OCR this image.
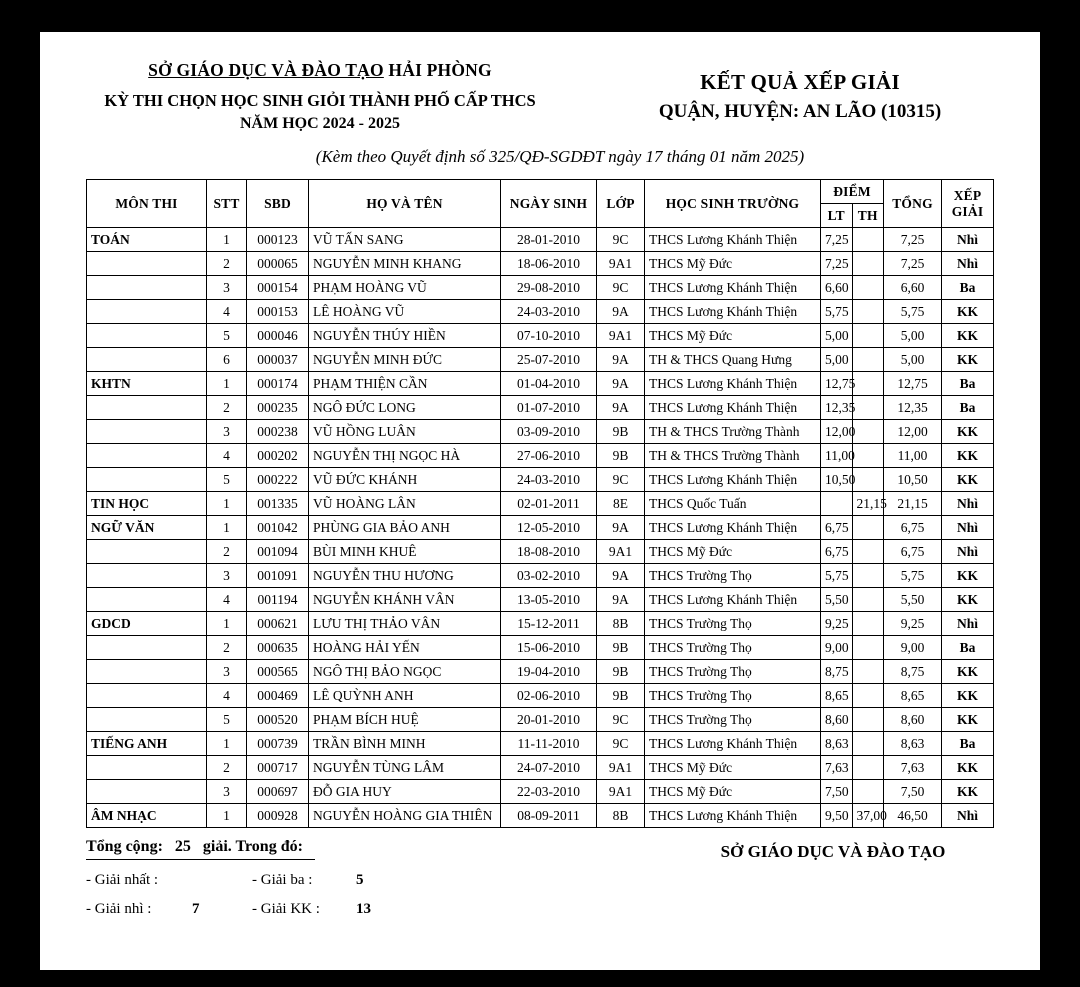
SỞ GIÁO DỤC VÀ ĐÀO TẠO HẢI PHÒNG
KỲ THI CHỌN HỌC SINH GIỎI THÀNH PHỐ CẤP THCS
NĂM HỌC 2024 - 2025
KẾT QUẢ XẾP GIẢI
QUẬN, HUYỆN: AN LÃO (10315)
(Kèm theo Quyết định số 325/QĐ-SGDĐT ngày 17 tháng 01 năm 2025)
MÔN THI	STT	SBD	HỌ VÀ TÊN	NGÀY SINH	LỚP	HỌC SINH TRƯỜNG	ĐIỂM		TỔNG	XẾP
GIẢI
							LT	TH		
TOÁN	1	000123	VŨ TẤN SANG	28-01-2010	9C	THCS Lương Khánh Thiện	7,25		7,25	Nhì
	2	000065	NGUYỄN MINH KHANG	18-06-2010	9A1	THCS Mỹ Đức	7,25		7,25	Nhì
	3	000154	PHẠM HOÀNG VŨ	29-08-2010	9C	THCS Lương Khánh Thiện	6,60		6,60	Ba
	4	000153	LÊ HOÀNG VŨ	24-03-2010	9A	THCS Lương Khánh Thiện	5,75		5,75	KK
	5	000046	NGUYỄN THÚY HIỀN	07-10-2010	9A1	THCS Mỹ Đức	5,00		5,00	KK
	6	000037	NGUYỄN MINH ĐỨC	25-07-2010	9A	TH & THCS Quang Hưng	5,00		5,00	KK
KHTN	1	000174	PHẠM THIỆN CẦN	01-04-2010	9A	THCS Lương Khánh Thiện	12,75		12,75	Ba
	2	000235	NGÔ ĐỨC LONG	01-07-2010	9A	THCS Lương Khánh Thiện	12,35		12,35	Ba
	3	000238	VŨ HỒNG LUÂN	03-09-2010	9B	TH & THCS Trường Thành	12,00		12,00	KK
	4	000202	NGUYỄN THỊ NGỌC HÀ	27-06-2010	9B	TH & THCS Trường Thành	11,00		11,00	KK
	5	000222	VŨ ĐỨC KHÁNH	24-03-2010	9C	THCS Lương Khánh Thiện	10,50		10,50	KK
TIN HỌC	1	001335	VŨ HOÀNG LÂN	02-01-2011	8E	THCS Quốc Tuấn		21,15	21,15	Nhì
NGỮ VĂN	1	001042	PHÙNG GIA BẢO ANH	12-05-2010	9A	THCS Lương Khánh Thiện	6,75		6,75	Nhì
	2	001094	BÙI MINH KHUÊ	18-08-2010	9A1	THCS Mỹ Đức	6,75		6,75	Nhì
	3	001091	NGUYỄN THU HƯƠNG	03-02-2010	9A	THCS Trường Thọ	5,75		5,75	KK
	4	001194	NGUYỄN KHÁNH VÂN	13-05-2010	9A	THCS Lương Khánh Thiện	5,50		5,50	KK
GDCD	1	000621	LƯU THỊ THẢO VÂN	15-12-2011	8B	THCS Trường Thọ	9,25		9,25	Nhì
	2	000635	HOÀNG HẢI YẾN	15-06-2010	9B	THCS Trường Thọ	9,00		9,00	Ba
	3	000565	NGÔ THỊ BẢO NGỌC	19-04-2010	9B	THCS Trường Thọ	8,75		8,75	KK
	4	000469	LÊ QUỲNH ANH	02-06-2010	9B	THCS Trường Thọ	8,65		8,65	KK
	5	000520	PHẠM BÍCH HUỆ	20-01-2010	9C	THCS Trường Thọ	8,60		8,60	KK
TIẾNG ANH	1	000739	TRẦN BÌNH MINH	11-11-2010	9C	THCS Lương Khánh Thiện	8,63		8,63	Ba
	2	000717	NGUYỄN TÙNG LÂM	24-07-2010	9A1	THCS Mỹ Đức	7,63		7,63	KK
	3	000697	ĐỖ GIA HUY	22-03-2010	9A1	THCS Mỹ Đức	7,50		7,50	KK
ÂM NHẠC	1	000928	NGUYỄN HOÀNG GIA THIÊN	08-09-2011	8B	THCS Lương Khánh Thiện	9,50	37,00	46,50	Nhì
Tổng cộng: 25 giải. Trong đó:
- Giải nhất :	- Giải ba :	5
- Giải nhì :	7	- Giải KK :	13
SỞ GIÁO DỤC VÀ ĐÀO TẠO
